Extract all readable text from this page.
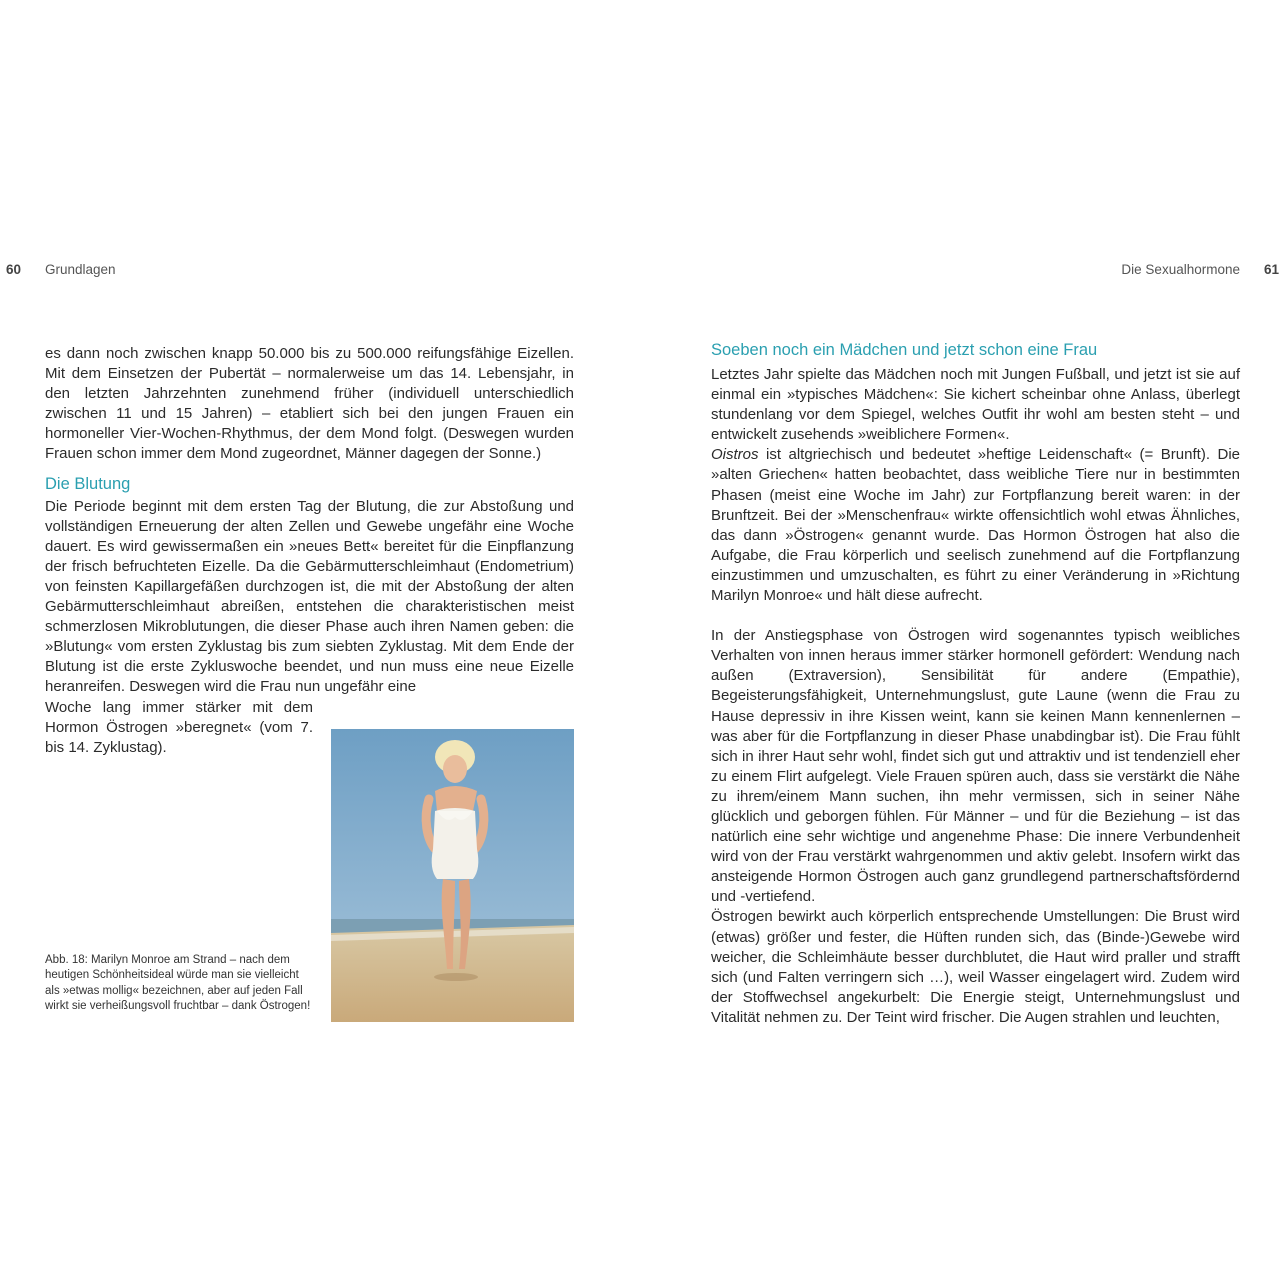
60 Grundlagen	Die Sexualhormone 61

es dann noch zwischen knapp 50.000 bis zu 500.000 reifungsfähige Eizellen. Mit dem Einsetzen der Pubertät – normalerweise um das 14. Lebensjahr, in den letzten Jahrzehnten zunehmend früher (individuell unterschiedlich zwischen 11 und 15 Jahren) – etabliert sich bei den jungen Frauen ein hormoneller Vier-Wochen-Rhythmus, der dem Mond folgt. (Deswegen wurden Frauen schon immer dem Mond zugeordnet, Männer dagegen der Sonne.)

Die Blutung

Die Periode beginnt mit dem ersten Tag der Blutung, die zur Abstoßung und vollständigen Erneuerung der alten Zellen und Gewebe ungefähr eine Woche dauert. Es wird gewissermaßen ein »neues Bett« bereitet für die Einpflanzung der frisch befruchteten Eizelle. Da die Gebärmutterschleimhaut (Endometrium) von feinsten Kapillargefäßen durchzogen ist, die mit der Abstoßung der alten Gebärmutterschleimhaut abreißen, entstehen die charakteristischen meist schmerzlosen Mikroblutungen, die dieser Phase auch ihren Namen geben: die »Blutung« vom ersten Zyklustag bis zum siebten Zyklustag. Mit dem Ende der Blutung ist die erste Zykluswoche beendet, und nun muss eine neue Eizelle heranreifen. Deswegen wird die Frau nun ungefähr eine

Woche lang immer stärker mit dem Hormon Östrogen »beregnet« (vom 7. bis 14. Zyklustag).

Abb. 18: Marilyn Monroe am Strand – nach dem heutigen Schönheitsideal würde man sie vielleicht als »etwas mollig« bezeichnen, aber auf jeden Fall wirkt sie verheißungsvoll fruchtbar – dank Östrogen!
Soeben noch ein Mädchen und jetzt schon eine Frau

Letztes Jahr spielte das Mädchen noch mit Jungen Fußball, und jetzt ist sie auf einmal ein »typisches Mädchen«: Sie kichert scheinbar ohne Anlass, überlegt stundenlang vor dem Spiegel, welches Outfit ihr wohl am besten steht – und entwickelt zusehends »weiblichere Formen«.

Oistros ist altgriechisch und bedeutet »heftige Leidenschaft« (= Brunft). Die »alten Griechen« hatten beobachtet, dass weibliche Tiere nur in bestimmten Phasen (meist eine Woche im Jahr) zur Fortpflanzung bereit waren: in der Brunftzeit. Bei der »Menschenfrau« wirkte offensichtlich wohl etwas Ähnliches, das dann »Östrogen« genannt wurde. Das Hormon Östrogen hat also die Aufgabe, die Frau körperlich und seelisch zunehmend auf die Fortpflanzung einzustimmen und umzuschalten, es führt zu einer Veränderung in »Richtung Marilyn Monroe« und hält diese aufrecht.

In der Anstiegsphase von Östrogen wird sogenanntes typisch weibliches Verhalten von innen heraus immer stärker hormonell gefördert: Wendung nach außen (Extraversion), Sensibilität für andere (Empathie), Begeisterungsfähigkeit, Unternehmungslust, gute Laune (wenn die Frau zu Hause depressiv in ihre Kissen weint, kann sie keinen Mann kennenlernen – was aber für die Fortpflanzung in dieser Phase unabdingbar ist). Die Frau fühlt sich in ihrer Haut sehr wohl, findet sich gut und attraktiv und ist tendenziell eher zu einem Flirt aufgelegt. Viele Frauen spüren auch, dass sie verstärkt die Nähe zu ihrem/einem Mann suchen, ihn mehr vermissen, sich in seiner Nähe glücklich und geborgen fühlen. Für Männer – und für die Beziehung – ist das natürlich eine sehr wichtige und angenehme Phase: Die innere Verbundenheit wird von der Frau verstärkt wahrgenommen und aktiv gelebt. Insofern wirkt das ansteigende Hormon Östrogen auch ganz grundlegend partnerschaftsfördernd und -vertiefend.

Östrogen bewirkt auch körperlich entsprechende Umstellungen: Die Brust wird (etwas) größer und fester, die Hüften runden sich, das (Binde-)Gewebe wird weicher, die Schleimhäute besser durchblutet, die Haut wird praller und strafft sich (und Falten verringern sich …), weil Wasser eingelagert wird. Zudem wird der Stoffwechsel angekurbelt: Die Energie steigt, Unternehmungslust und Vitalität nehmen zu. Der Teint wird frischer. Die Augen strahlen und leuchten,
